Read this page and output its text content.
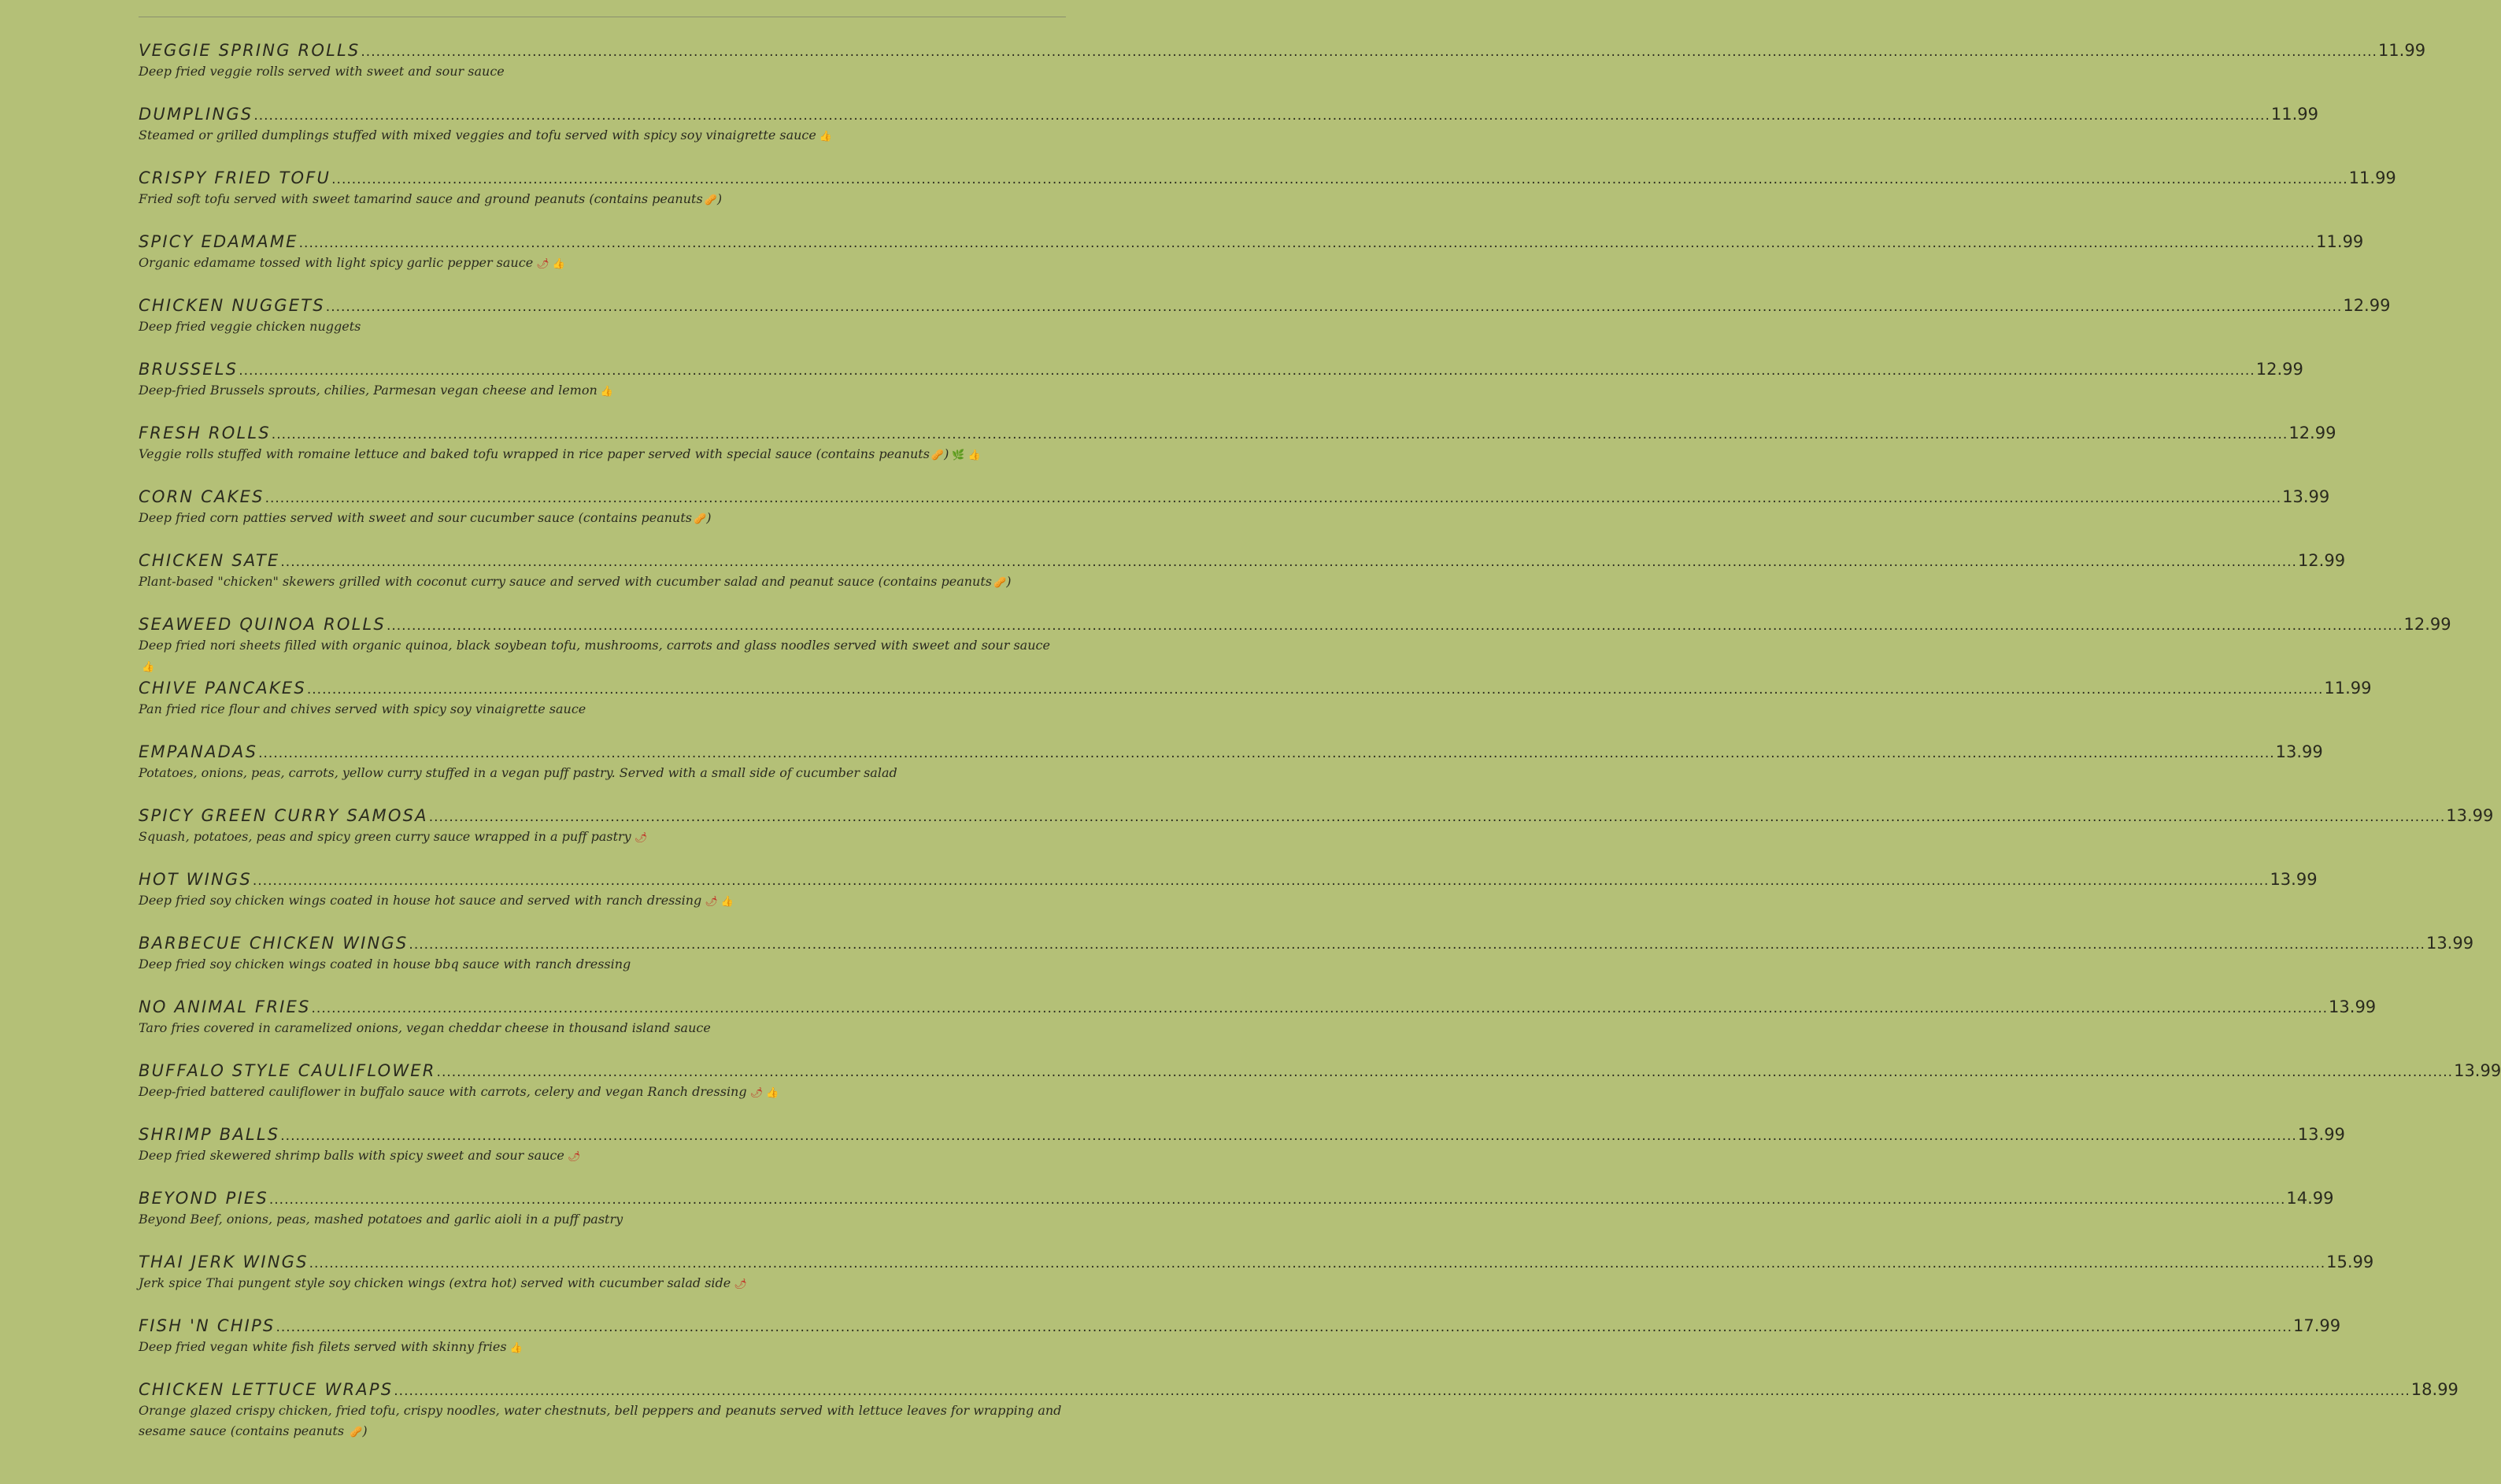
VEGGIE SPRING ROLLS ................................................................................................................................................................................................................................................................................................................................................................................................................ 11.99
Deep fried veggie rolls served with sweet and sour sauce
DUMPLINGS ................................................................................................................................................................................................................................................................................................................................................................................................................ 11.99
Steamed or grilled dumplings stuffed with mixed veggies and tofu served with spicy soy vinaigrette sauce 👍
CRISPY FRIED TOFU ................................................................................................................................................................................................................................................................................................................................................................................................................ 11.99
Fried soft tofu served with sweet tamarind sauce and ground peanuts (contains peanuts 🥜)
SPICY EDAMAME ................................................................................................................................................................................................................................................................................................................................................................................................................ 11.99
Organic edamame tossed with light spicy garlic pepper sauce 🌶 👍
CHICKEN NUGGETS ................................................................................................................................................................................................................................................................................................................................................................................................................ 12.99
Deep fried veggie chicken nuggets
BRUSSELS ................................................................................................................................................................................................................................................................................................................................................................................................................ 12.99
Deep-fried Brussels sprouts, chilies, Parmesan vegan cheese and lemon 👍
FRESH ROLLS ................................................................................................................................................................................................................................................................................................................................................................................................................ 12.99
Veggie rolls stuffed with romaine lettuce and baked tofu wrapped in rice paper served with special sauce (contains peanuts 🥜) 🌿 👍
CORN CAKES ................................................................................................................................................................................................................................................................................................................................................................................................................ 13.99
Deep fried corn patties served with sweet and sour cucumber sauce (contains peanuts 🥜)
CHICKEN SATE ................................................................................................................................................................................................................................................................................................................................................................................................................ 12.99
Plant-based "chicken" skewers grilled with coconut curry sauce and served with cucumber salad and peanut sauce (contains peanuts 🥜)
SEAWEED QUINOA ROLLS ................................................................................................................................................................................................................................................................................................................................................................................................................ 12.99
Deep fried nori sheets filled with organic quinoa, black soybean tofu, mushrooms, carrots and glass noodles served with sweet and sour sauce👍
CHIVE PANCAKES ................................................................................................................................................................................................................................................................................................................................................................................................................ 11.99
Pan fried rice flour and chives served with spicy soy vinaigrette sauce
EMPANADAS ................................................................................................................................................................................................................................................................................................................................................................................................................ 13.99
Potatoes, onions, peas, carrots, yellow curry stuffed in a vegan puff pastry. Served with a small side of cucumber salad
SPICY GREEN CURRY SAMOSA ................................................................................................................................................................................................................................................................................................................................................................................................................ 13.99
Squash, potatoes, peas and spicy green curry sauce wrapped in a puff pastry 🌶
HOT WINGS ................................................................................................................................................................................................................................................................................................................................................................................................................ 13.99
Deep fried soy chicken wings coated in house hot sauce and served with ranch dressing 🌶 👍
BARBECUE CHICKEN WINGS ................................................................................................................................................................................................................................................................................................................................................................................................................ 13.99
Deep fried soy chicken wings coated in house bbq sauce with ranch dressing
NO ANIMAL FRIES ................................................................................................................................................................................................................................................................................................................................................................................................................ 13.99
Taro fries covered in caramelized onions, vegan cheddar cheese in thousand island sauce
BUFFALO STYLE CAULIFLOWER ................................................................................................................................................................................................................................................................................................................................................................................................................ 13.99
Deep-fried battered cauliflower in buffalo sauce with carrots, celery and vegan Ranch dressing 🌶 👍
SHRIMP BALLS ................................................................................................................................................................................................................................................................................................................................................................................................................ 13.99
Deep fried skewered shrimp balls with spicy sweet and sour sauce 🌶
BEYOND PIES ................................................................................................................................................................................................................................................................................................................................................................................................................ 14.99
Beyond Beef, onions, peas, mashed potatoes and garlic aioli in a puff pastry
THAI JERK WINGS ................................................................................................................................................................................................................................................................................................................................................................................................................ 15.99
Jerk spice Thai pungent style soy chicken wings (extra hot) served with cucumber salad side 🌶
FISH 'N CHIPS ................................................................................................................................................................................................................................................................................................................................................................................................................ 17.99
Deep fried vegan white fish filets served with skinny fries 👍
CHICKEN LETTUCE WRAPS ................................................................................................................................................................................................................................................................................................................................................................................................................ 18.99
Orange glazed crispy chicken, fried tofu, crispy noodles, water chestnuts, bell peppers and peanuts served with lettuce leaves for wrapping and sesame sauce (contains peanuts 🥜)
